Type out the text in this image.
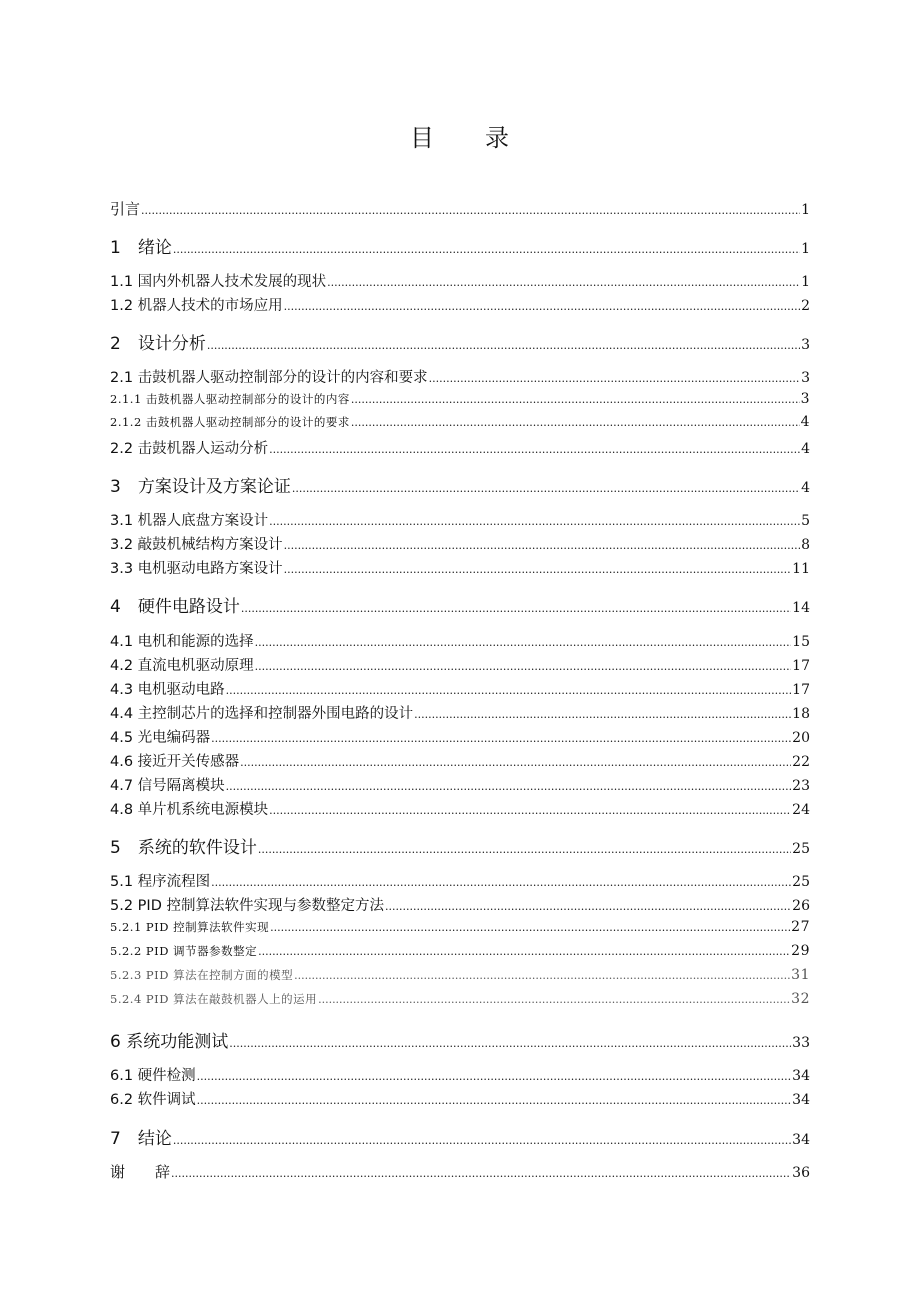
目　　录
引言 .....	1
1　绪论 .....	1
1.1 国内外机器人技术发展的现状 .....	1
1.2 机器人技术的市场应用 .....	2
2　设计分析 .....	3
2.1 击鼓机器人驱动控制部分的设计的内容和要求 .....	3
2.1.1 击鼓机器人驱动控制部分的设计的内容 .....	3
2.1.2 击鼓机器人驱动控制部分的设计的要求 .....	4
2.2 击鼓机器人运动分析 .....	4
3　方案设计及方案论证 .....	4
3.1 机器人底盘方案设计 .....	5
3.2 敲鼓机械结构方案设计 .....	8
3.3 电机驱动电路方案设计 .....	11
4　硬件电路设计 .....	14
4.1 电机和能源的选择 .....	15
4.2 直流电机驱动原理 .....	17
4.3 电机驱动电路 .....	17
4.4 主控制芯片的选择和控制器外围电路的设计 .....	18
4.5 光电编码器 .....	20
4.6 接近开关传感器 .....	22
4.7 信号隔离模块 .....	23
4.8 单片机系统电源模块 .....	24
5　系统的软件设计 .....	25
5.1 程序流程图 .....	25
5.2 PID 控制算法软件实现与参数整定方法 .....	26
5.2.1 PID 控制算法软件实现 .....	27
5.2.2 PID 调节器参数整定 .....	29
5.2.3 PID 算法在控制方面的模型 .....	31
5.2.4 PID 算法在敲鼓机器人上的运用 .....	32
6 系统功能测试 .....	33
6.1 硬件检测 .....	34
6.2 软件调试 .....	34
7　结论 .....	34
谢　　辞 .....	36
